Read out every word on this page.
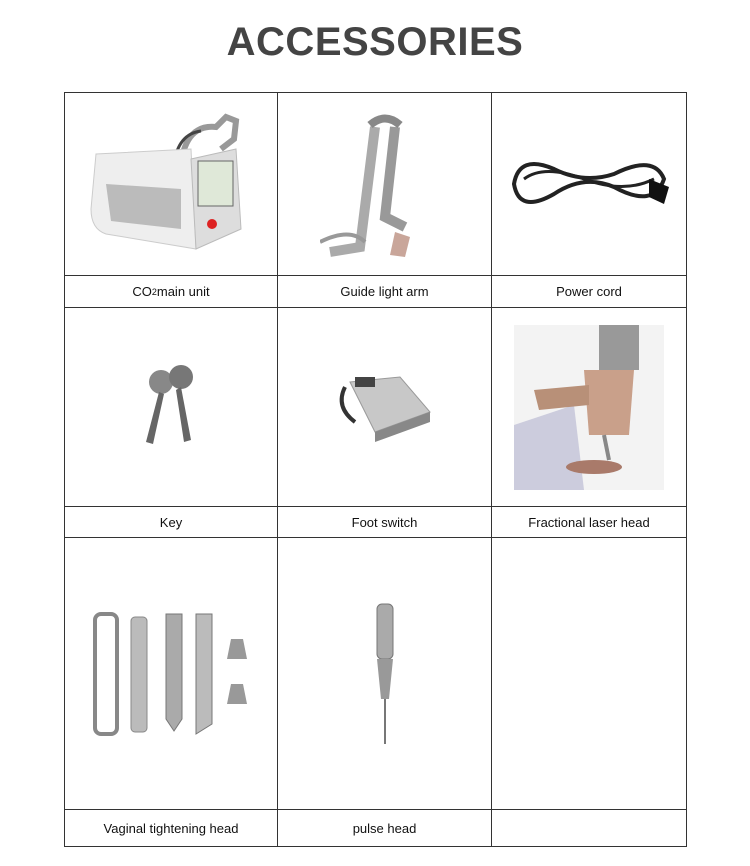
ACCESSORIES
CO 2 main unit	Guide light arm	Power cord
Key	Foot switch	Fractional laser head
Vaginal tightening head	pulse head
